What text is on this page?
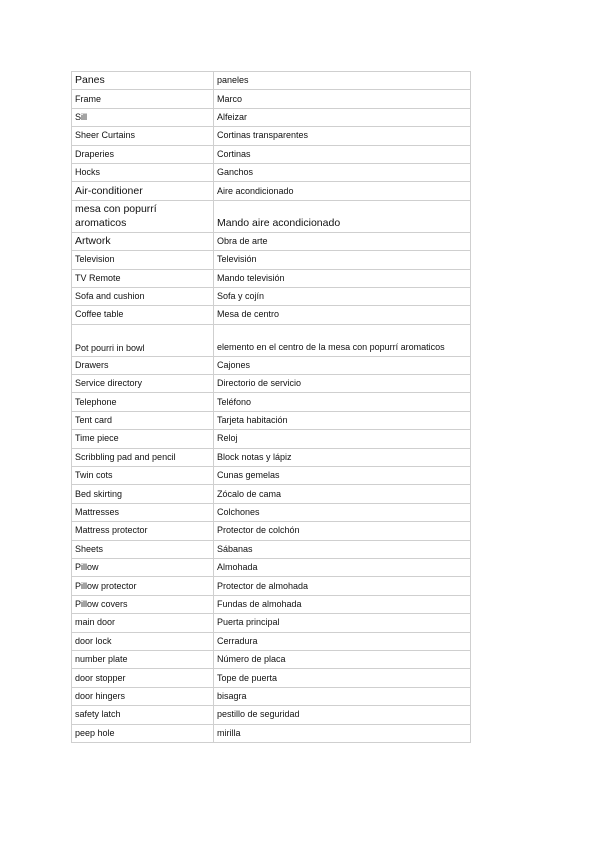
Panes	paneles
Frame	Marco
Sill	Alfeizar
Sheer Curtains	Cortinas transparentes
Draperies	Cortinas
Hocks	Ganchos
Air-conditioner	Aire acondicionado
mesa con popurrí aromaticos	Mando aire acondicionado
Artwork	Obra de arte
Television	Televisión
TV Remote	Mando televisión
Sofa and cushion	Sofa y cojín
Coffee table	Mesa de centro
Pot pourri in bowl	elemento en el centro de la mesa con popurrí aromaticos
Drawers	Cajones
Service directory	Directorio de servicio
Telephone	Teléfono
Tent card	Tarjeta habitación
Time piece	Reloj
Scribbling pad and pencil	Block notas y lápiz
Twin cots	Cunas gemelas
Bed skirting	Zócalo de cama
Mattresses	Colchones
Mattress protector	Protector de colchón
Sheets	Sábanas
Pillow	Almohada
Pillow protector	Protector de almohada
Pillow covers	Fundas de almohada
main door	Puerta principal
door lock	Cerradura
number plate	Número de placa
door stopper	Tope de puerta
door hingers	bisagra
safety latch	pestillo de seguridad
peep hole	mirilla
